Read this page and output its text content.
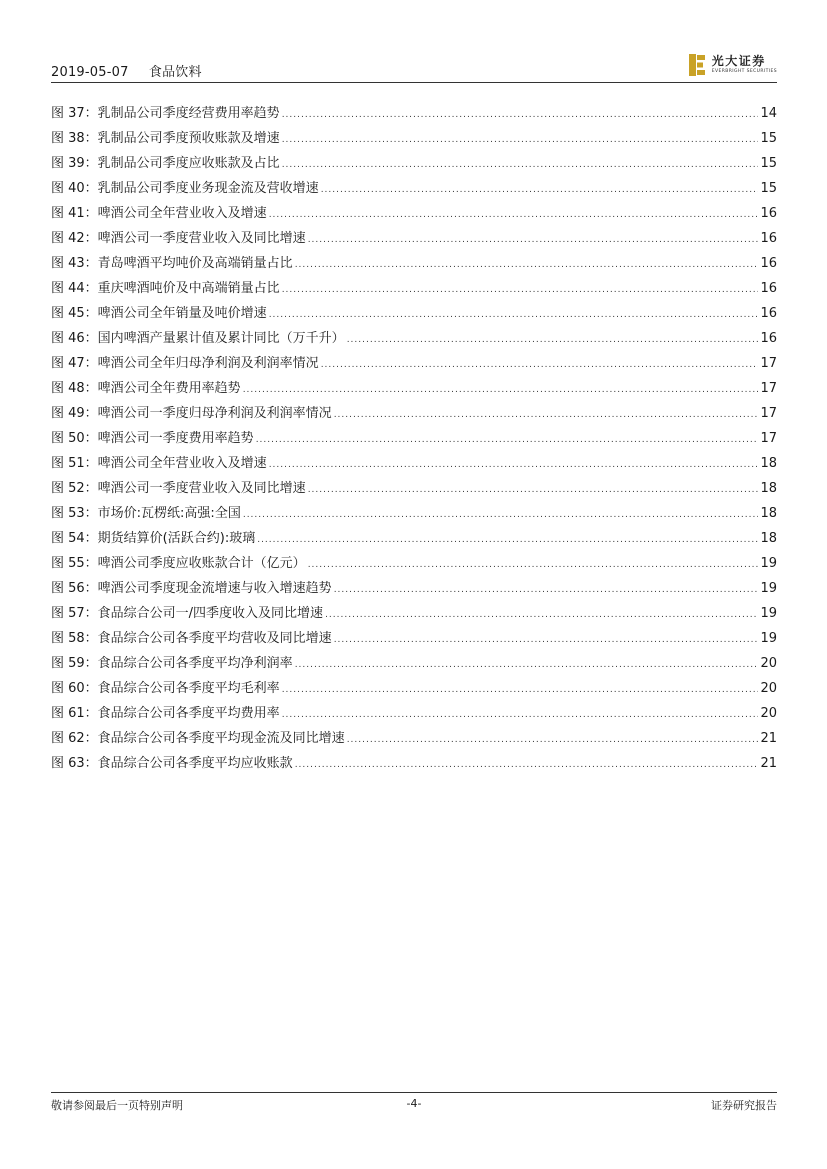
2019-05-07 食品饮料
光大证券
EVERBRIGHT SECURITIES
图 37：乳制品公司季度经营费用率趋势 .....	14
图 38：乳制品公司季度预收账款及增速 .....	15
图 39：乳制品公司季度应收账款及占比 .....	15
图 40：乳制品公司季度业务现金流及营收增速 .....	15
图 41：啤酒公司全年营业收入及增速 .....	16
图 42：啤酒公司一季度营业收入及同比增速 .....	16
图 43：青岛啤酒平均吨价及高端销量占比 .....	16
图 44：重庆啤酒吨价及中高端销量占比 .....	16
图 45：啤酒公司全年销量及吨价增速 .....	16
图 46：国内啤酒产量累计值及累计同比（万千升） .....	16
图 47：啤酒公司全年归母净利润及利润率情况 .....	17
图 48：啤酒公司全年费用率趋势 .....	17
图 49：啤酒公司一季度归母净利润及利润率情况 .....	17
图 50：啤酒公司一季度费用率趋势 .....	17
图 51：啤酒公司全年营业收入及增速 .....	18
图 52：啤酒公司一季度营业收入及同比增速 .....	18
图 53：市场价:瓦楞纸:高强:全国 .....	18
图 54：期货结算价(活跃合约):玻璃 .....	18
图 55：啤酒公司季度应收账款合计（亿元） .....	19
图 56：啤酒公司季度现金流增速与收入增速趋势 .....	19
图 57：食品综合公司一/四季度收入及同比增速 .....	19
图 58：食品综合公司各季度平均营收及同比增速 .....	19
图 59：食品综合公司各季度平均净利润率 .....	20
图 60：食品综合公司各季度平均毛利率 .....	20
图 61：食品综合公司各季度平均费用率 .....	20
图 62：食品综合公司各季度平均现金流及同比增速 .....	21
图 63：食品综合公司各季度平均应收账款 .....	21
敬请参阅最后一页特别声明	-4-	证券研究报告
